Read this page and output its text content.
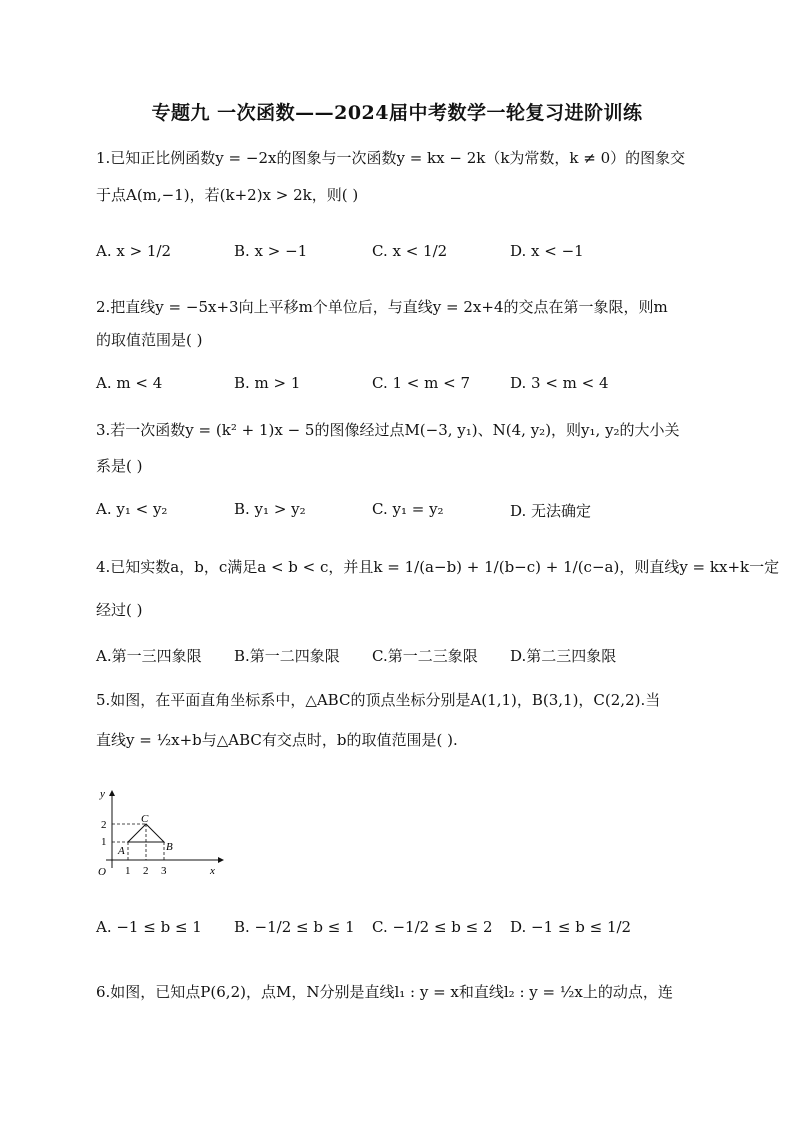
专题九 一次函数——2024届中考数学一轮复习进阶训练
1.已知正比例函数y = −2x的图象与一次函数y = kx − 2k（k为常数，k ≠ 0）的图象交
于点A(m,−1)，若(k+2)x > 2k，则( )
A. x > 1/2	B. x > −1	C. x < 1/2	D. x < −1
2.把直线y = −5x+3向上平移m个单位后，与直线y = 2x+4的交点在第一象限，则m
的取值范围是( )
A. m < 4	B. m > 1	C. 1 < m < 7	D. 3 < m < 4
3.若一次函数y = (k² + 1)x − 5的图像经过点M(−3, y₁)、N(4, y₂)，则y₁, y₂的大小关
系是( )
A. y₁ < y₂	B. y₁ > y₂	C. y₁ = y₂	D. 无法确定
4.已知实数a，b，c满足a < b < c，并且k = 1/(a−b) + 1/(b−c) + 1/(c−a)，则直线y = kx+k一定
经过( )
A.第一三四象限 B.第一二四象限 C.第一二三象限 D.第二三四象限
5.如图，在平面直角坐标系中，△ABC的顶点坐标分别是A(1,1)，B(3,1)，C(2,2).当
直线y = ½x+b与△ABC有交点时，b的取值范围是( ).
y
x
O 1 2 3
2
1
A	B
C
A. −1 ≤ b ≤ 1 B. −1/2 ≤ b ≤ 1 C. −1/2 ≤ b ≤ 2 D. −1 ≤ b ≤ 1/2
6.如图，已知点P(6,2)，点M，N分别是直线l₁ : y = x和直线l₂ : y = ½x上的动点，连
